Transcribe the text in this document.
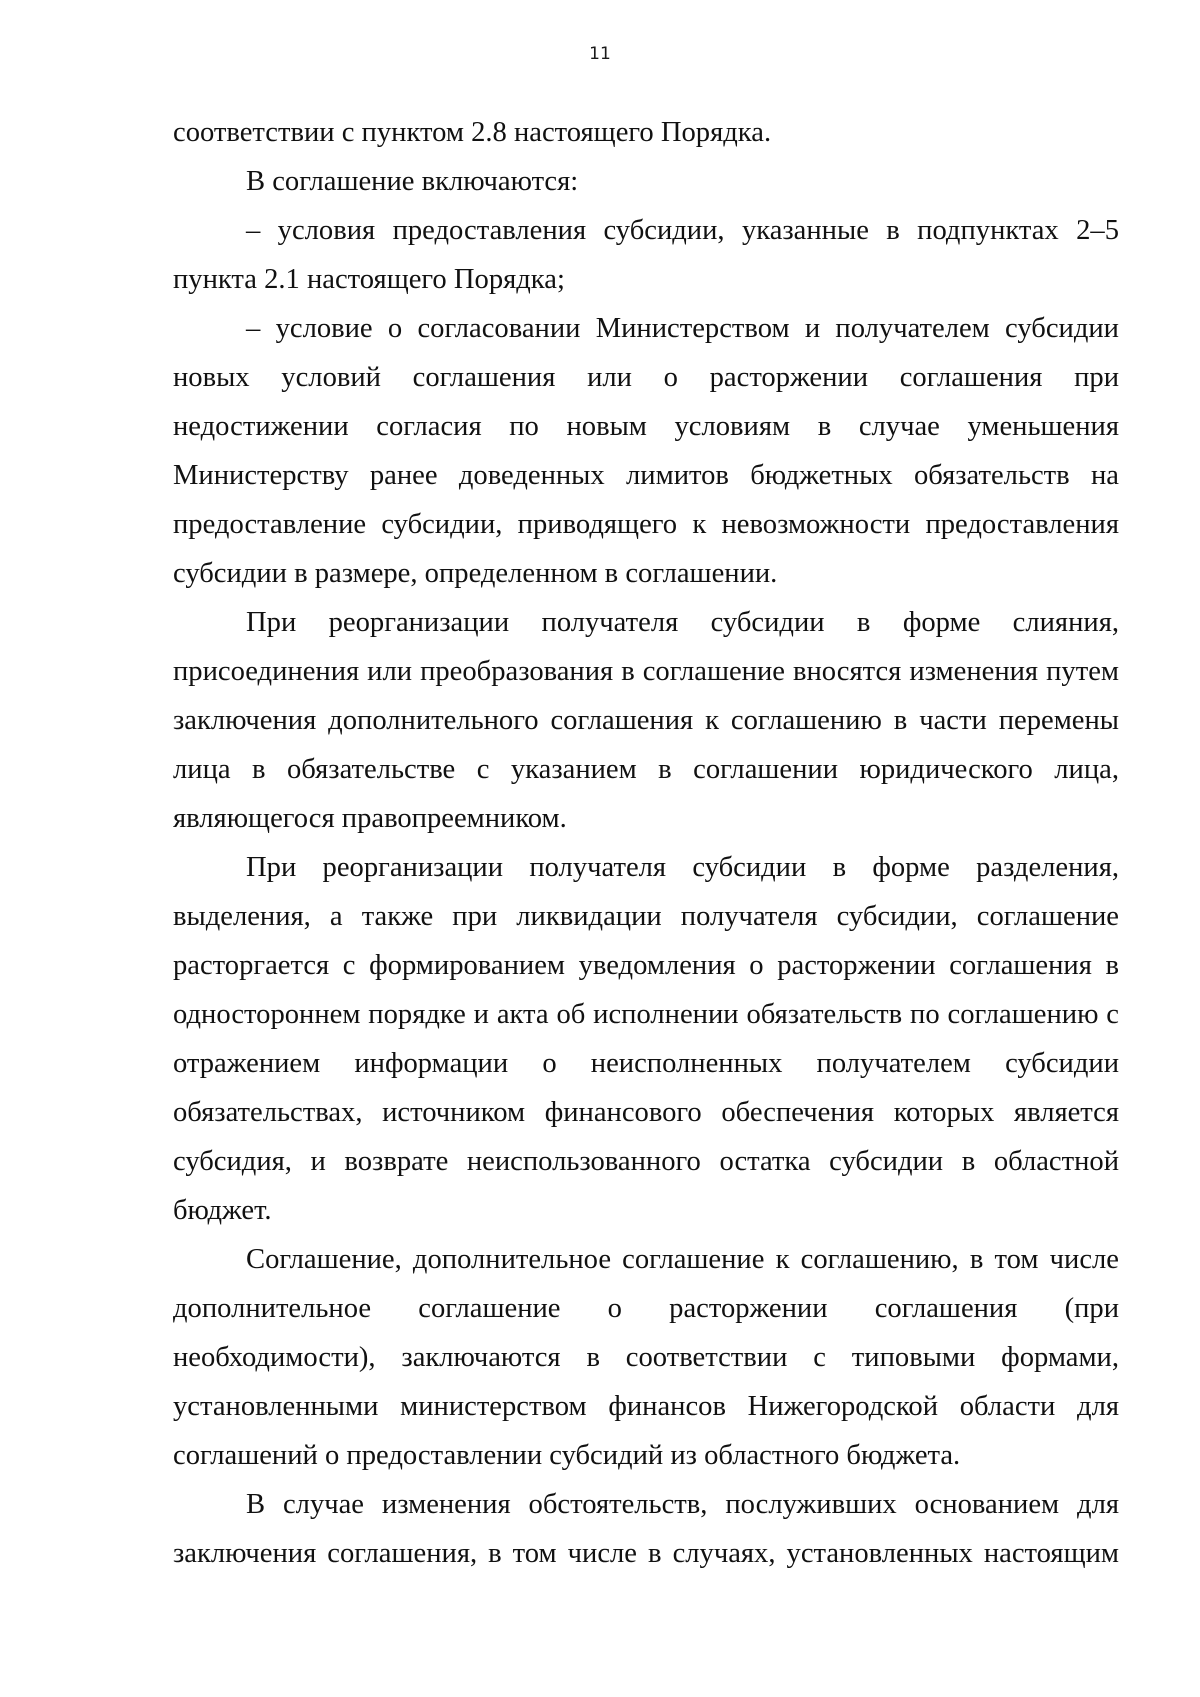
11

соответствии с пунктом 2.8 настоящего Порядка.

В соглашение включаются:

– условия предоставления субсидии, указанные в подпунктах 2–5 пункта 2.1 настоящего Порядка;

– условие о согласовании Министерством и получателем субсидии новых условий соглашения или о расторжении соглашения при недостижении согласия по новым условиям в случае уменьшения Министерству ранее доведенных лимитов бюджетных обязательств на предоставление субсидии, приводящего к невозможности предоставления субсидии в размере, определенном в соглашении.

При реорганизации получателя субсидии в форме слияния, присоединения или преобразования в соглашение вносятся изменения путем заключения дополнительного соглашения к соглашению в части перемены лица в обязательстве с указанием в соглашении юридического лица, являющегося правопреемником.

При реорганизации получателя субсидии в форме разделения, выделения, а также при ликвидации получателя субсидии, соглашение расторгается с формированием уведомления о расторжении соглашения в одностороннем порядке и акта об исполнении обязательств по соглашению с отражением информации о неисполненных получателем субсидии обязательствах, источником финансового обеспечения которых является субсидия, и возврате неиспользованного остатка субсидии в областной бюджет.

Соглашение, дополнительное соглашение к соглашению, в том числе дополнительное соглашение о расторжении соглашения (при необходимости), заключаются в соответствии с типовыми формами, установленными министерством финансов Нижегородской области для соглашений о предоставлении субсидий из областного бюджета.

В случае изменения обстоятельств, послуживших основанием для заключения соглашения, в том числе в случаях, установленных настоящим
